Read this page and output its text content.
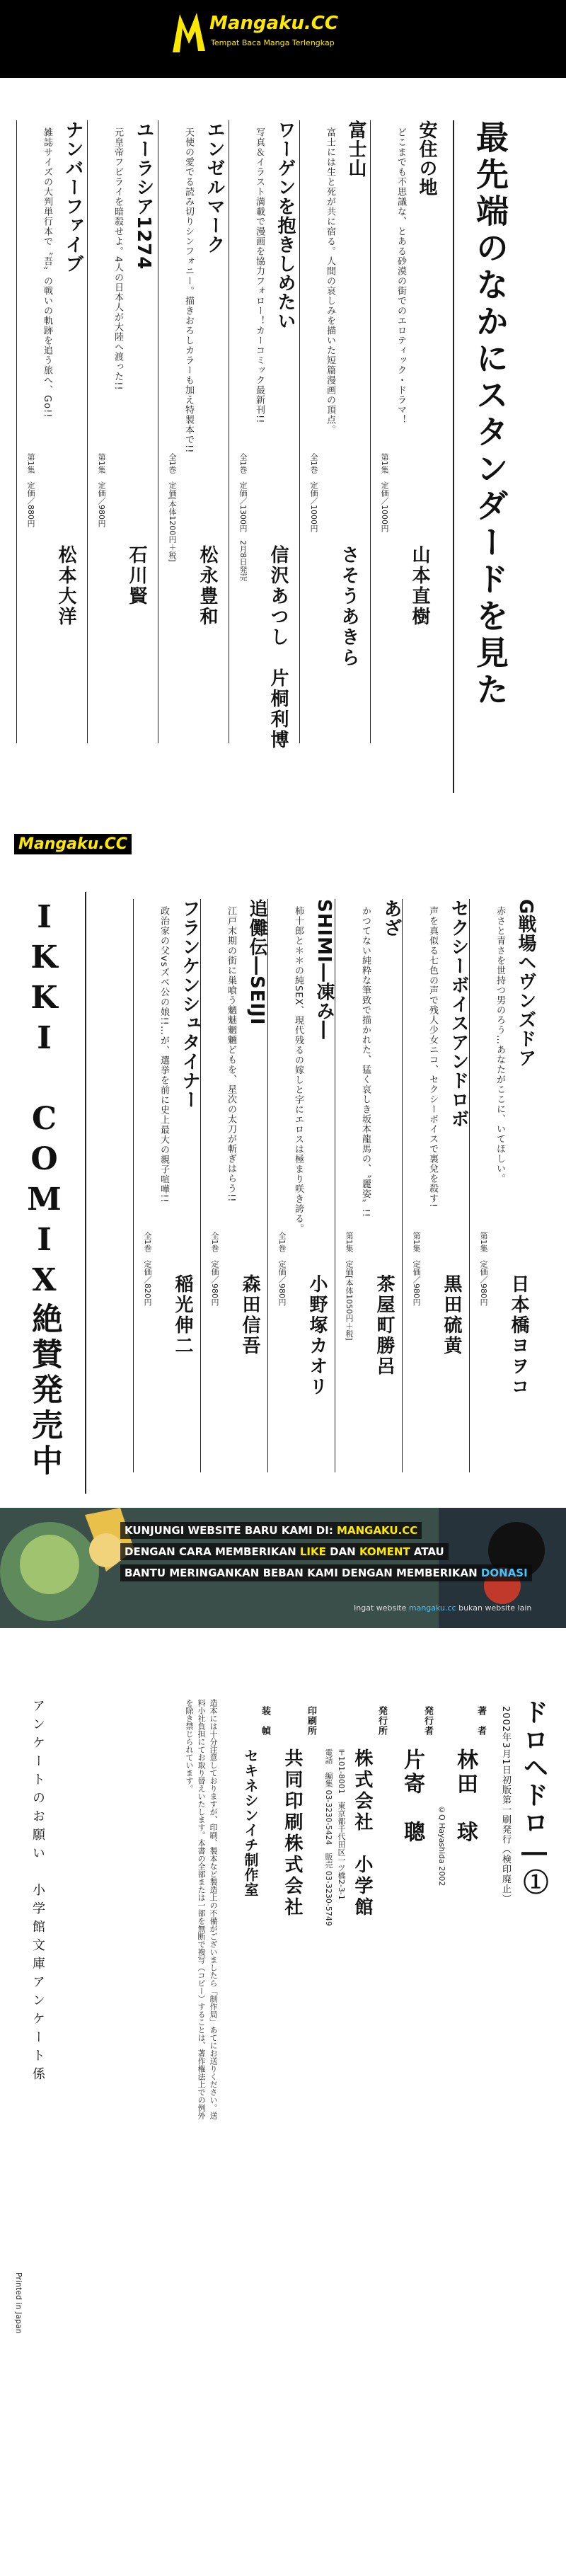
Mangaku.CC
Tempat Baca Manga Terlengkap
最先端のなかにスタンダードを見た
安住の地
どこまでも不思議な、とある砂漠の街でのエロティック・ドラマ！
第1集　定価／1000円
山本直樹
富士山
富士には生と死が共に宿る。人間の哀しみを描いた短篇漫画の頂点。
全1巻　定価／1000円
さそうあきら
ワーゲンを抱きしめたい
写真＆イラスト満載で漫画を協力フォロー！カーコミック最新刊!!
全1巻　定価／1300円　2月8日発売
信沢あつし　片桐利博
エンゼルマーク
天使の愛でる読み切りシンフォニー。描きおろしカラーも加え特製本で!!
全1巻　定価[本体1200円＋税]
松永豊和
ユーラシア1274
元皇帝フビライを暗殺せよ。4人の日本人が大陸へ渡った!!
第1集　定価／980円
石川賢
ナンバーファイブ
雑誌サイズの大判単行本で〝吾〟の戦いの軌跡を追う旅へ、Go!!
第1集　定価／880円
松本大洋
Mangaku.CC
IKKI COMIX絶賛発売中	G戦場ヘヴンズドア
赤さと青さを世持つ男のろう…あなたがここに、いてほしい。
第1集　定価／980円
日本橋ヨヲコ
セクシーボイスアンドロボ
声を真似る七色の声で残人少女ニコ、セクシーボイスで裏兌を殺す!
第1集　定価／980円
黒田硫黄
あざ
かつてない純粋な筆致で描かれた、猛く哀しき坂本龍馬の、〝麗姿〟!!
第1集　定価[本体1050円＋税] 茶屋町勝呂
SHIMI―凍み―
柿十郎と＊＊の純SEX、現代残るの嫁しと字にエロスは極まり咲き誇る。
全1巻　定価／980円
小野塚カオリ
追儺伝―SEIJI
江戸末期の街に巣喰う魑魅魍魎どもを、星次の太刀が斬ぎはらう!!
全1巻　定価／980円
森田信吾
フランケンシュタイナー
政治家の父vsズベ公の娘!!…が、選挙を前に史上最大の親子喧嘩!!
全1巻　定価／820円
稲光伸二
KUNJUNGI WEBSITE BARU KAMI DI: MANGAKU.CC
DENGAN CARA MEMBERIKAN LIKE DAN KOMENT ATAU
BANTU MERINGANKAN BEBAN KAMI DENGAN MEMBERIKAN DONASI
Ingat website mangaku.cc bukan website lain
ドロヘドロ―①
2002年3月1日初版第一刷発行（検印廃止）
著　者
林田　球
©Q Hayashida 2002
発行者
片寄　聰
発行所
株式会社　小学館
〒101-8001　東京都千代田区一ツ橋2-3-1
電話　編集 03-3230-5424　販売 03-3230-5749
印刷所
共同印刷株式会社
装　幀
セキネシンイチ制作室
造本には十分注意しておりますが、印刷、製本など製造上の不備がございましたら「制作局」あてにお送りください。送料小社負担にてお取り替えいたします。本書の全部または一部を無断で複写（コピー）することは、著作権法上での例外を除き禁じられています。
アンケートのお願い　小学館文庫アンケート係
Printed in Japan
